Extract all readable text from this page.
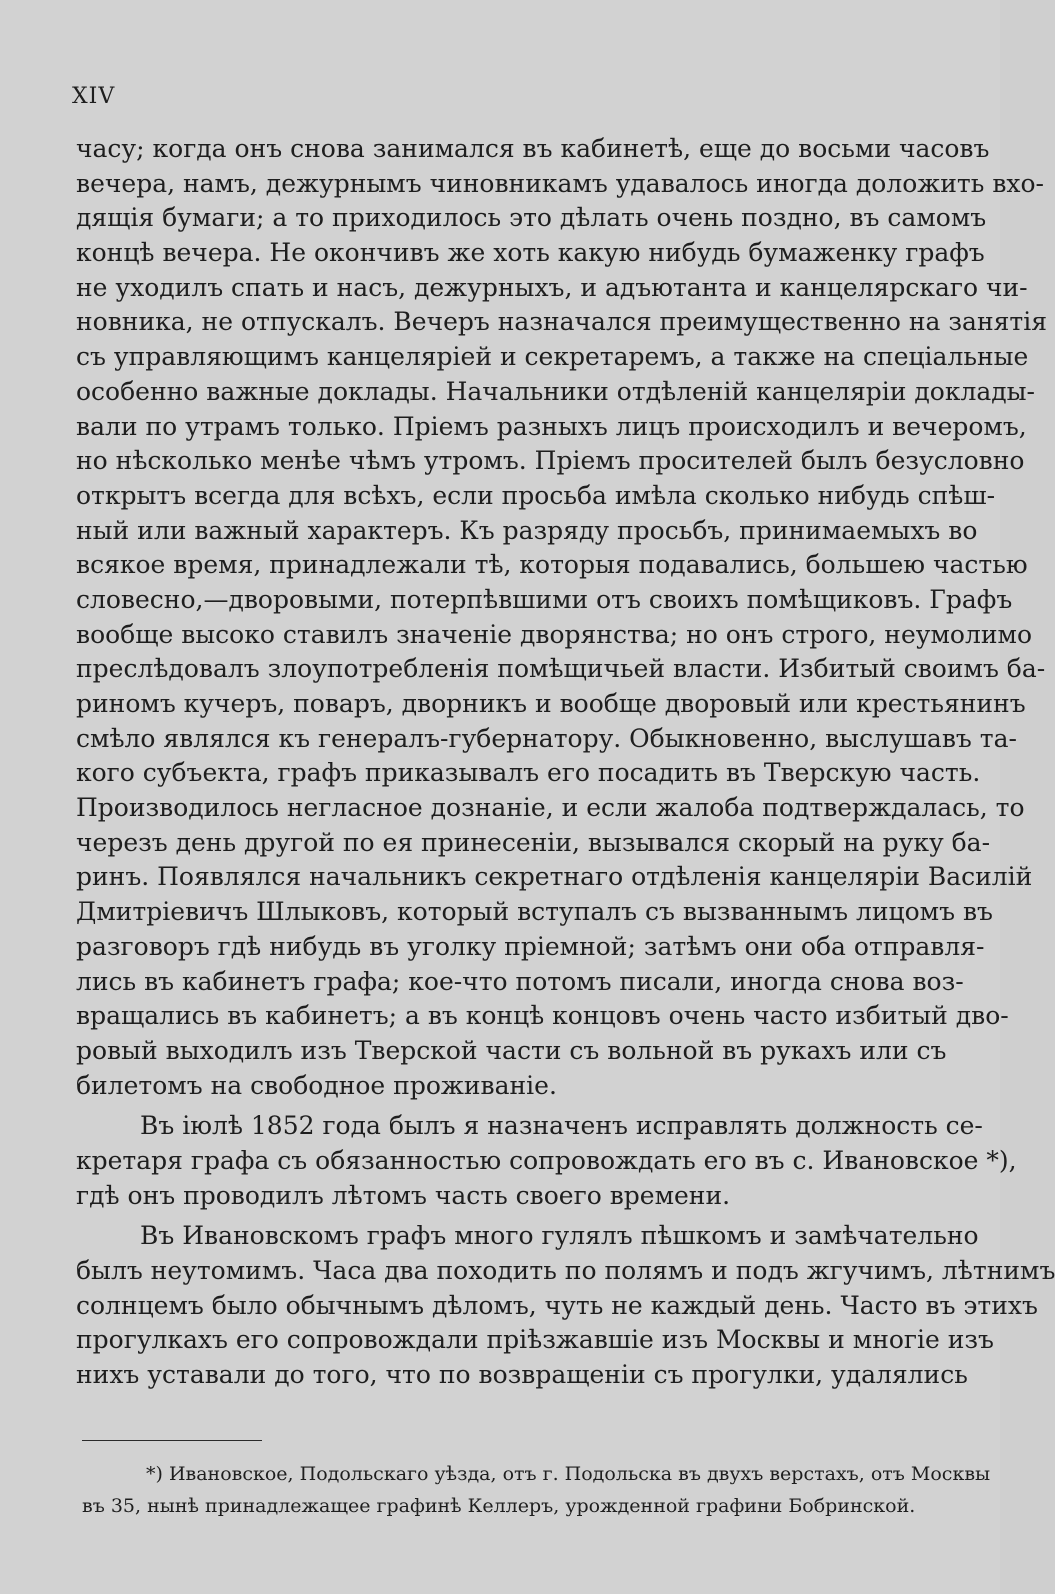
XIV
часу; когда онъ снова занимался въ кабинетѣ, еще до восьми часовъ
вечера, намъ, дежурнымъ чиновникамъ удавалось иногда доложить вхо-
дящія бумаги; а то приходилось это дѣлать очень поздно, въ самомъ
концѣ вечера. Не окончивъ же хоть какую нибудь бумаженку графъ
не уходилъ спать и насъ, дежурныхъ, и адъютанта и канцелярскаго чи-
новника, не отпускалъ. Вечеръ назначался преимущественно на занятія
съ управляющимъ канцеляріей и секретаремъ, а также на спеціальные
особенно важные доклады. Начальники отдѣленій канцеляріи доклады-
вали по утрамъ только. Пріемъ разныхъ лицъ происходилъ и вечеромъ,
но нѣсколько менѣе чѣмъ утромъ. Пріемъ просителей былъ безусловно
открытъ всегда для всѣхъ, если просьба имѣла сколько нибудь спѣш-
ный или важный характеръ. Къ разряду просьбъ, принимаемыхъ во
всякое время, принадлежали тѣ, которыя подавались, большею частью
словесно,—дворовыми, потерпѣвшими отъ своихъ помѣщиковъ. Графъ
вообще высоко ставилъ значеніе дворянства; но онъ строго, неумолимо
преслѣдовалъ злоупотребленія помѣщичьей власти. Избитый своимъ ба-
риномъ кучеръ, поваръ, дворникъ и вообще дворовый или крестьянинъ
смѣло являлся къ генералъ-губернатору. Обыкновенно, выслушавъ та-
кого субъекта, графъ приказывалъ его посадить въ Тверскую часть.
Производилось негласное дознаніе, и если жалоба подтверждалась, то
черезъ день другой по ея принесеніи, вызывался скорый на руку ба-
ринъ. Появлялся начальникъ секретнаго отдѣленія канцеляріи Василій
Дмитріевичъ Шлыковъ, который вступалъ съ вызваннымъ лицомъ въ
разговоръ гдѣ нибудь въ уголку пріемной; затѣмъ они оба отправля-
лись въ кабинетъ графа; кое-что потомъ писали, иногда снова воз-
вращались въ кабинетъ; а въ концѣ концовъ очень часто избитый дво-
ровый выходилъ изъ Тверской части съ вольной въ рукахъ или съ
билетомъ на свободное проживаніе.
Въ іюлѣ 1852 года былъ я назначенъ исправлять должность се-
кретаря графа съ обязанностью сопровождать его въ с. Ивановское *),
гдѣ онъ проводилъ лѣтомъ часть своего времени.
Въ Ивановскомъ графъ много гулялъ пѣшкомъ и замѣчательно
былъ неутомимъ. Часа два походить по полямъ и подъ жгучимъ, лѣтнимъ
солнцемъ было обычнымъ дѣломъ, чуть не каждый день. Часто въ этихъ
прогулкахъ его сопровождали пріѣзжавшіе изъ Москвы и многіе изъ
нихъ уставали до того, что по возвращеніи съ прогулки, удалялись
*) Ивановское, Подольскаго уѣзда, отъ г. Подольска въ двухъ верстахъ, отъ Москвы
въ 35, нынѣ принадлежащее графинѣ Келлеръ, урожденной графини Бобринской.
